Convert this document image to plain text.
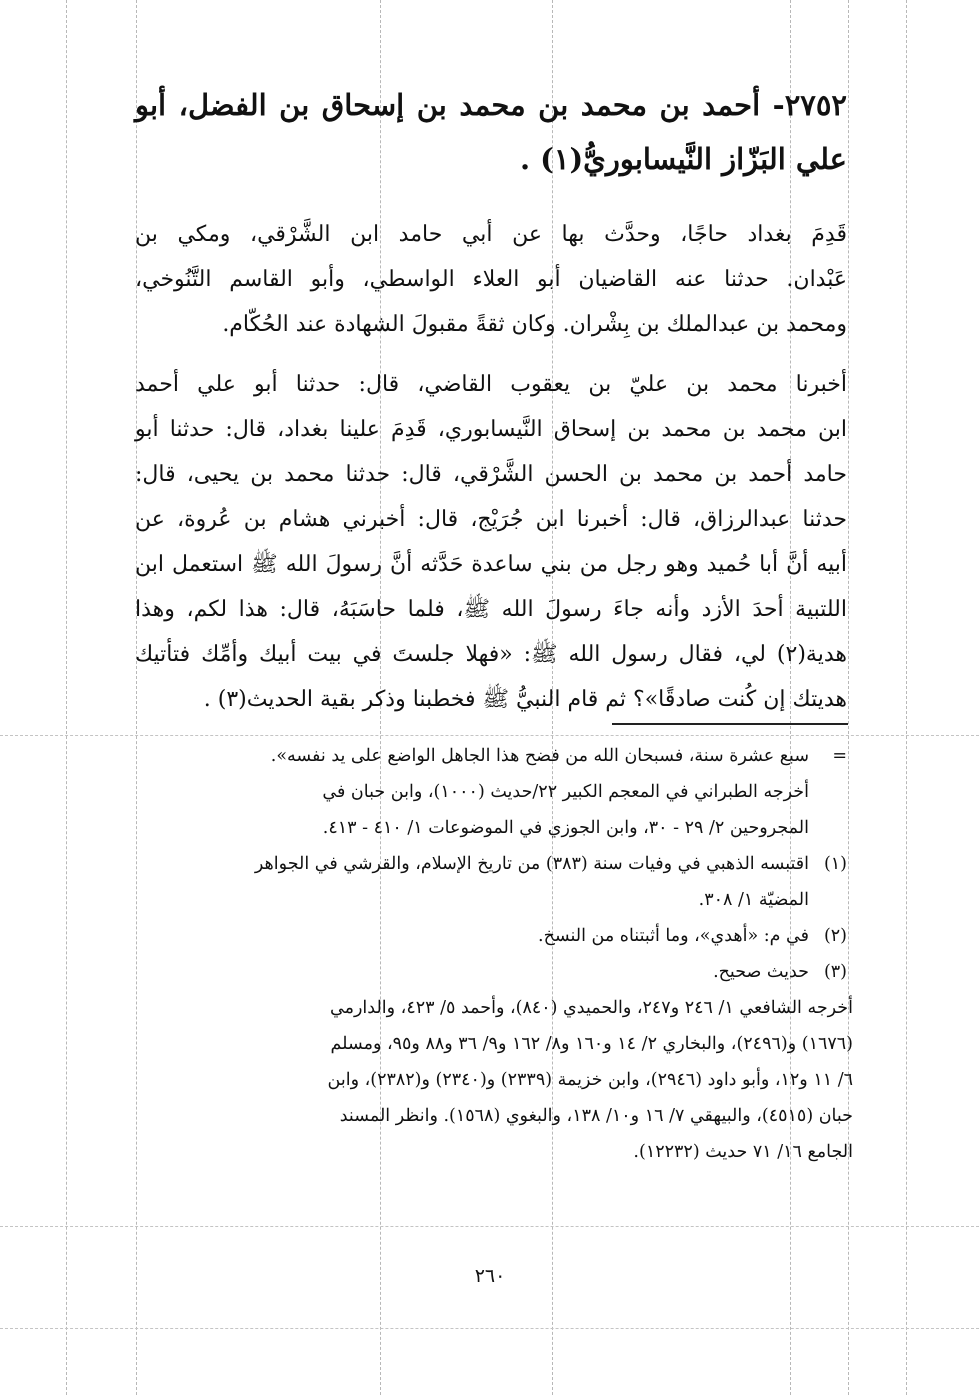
٢٧٥٢- أحمد بن محمد بن محمد بن إسحاق بن الفضل، أبو
علي البَزّاز النَّيسابوريُّ(١) .
قَدِمَ بغداد حاجًا، وحدَّث بها عن أبي حامد ابن الشَّرْقي، ومكي بن
عَبْدان. حدثنا عنه القاضيان أبو العلاء الواسطي، وأبو القاسم التَّنُوخي،
ومحمد بن عبدالملك بن بِشْران. وكان ثقةً مقبولَ الشهادة عند الحُكّام.
أخبرنا محمد بن عليّ بن يعقوب القاضي، قال: حدثنا أبو علي أحمد
ابن محمد بن محمد بن إسحاق النَّيسابوري، قَدِمَ علينا بغداد، قال: حدثنا أبو
حامد أحمد بن محمد بن الحسن الشَّرْقي، قال: حدثنا محمد بن يحيى، قال:
حدثنا عبدالرزاق، قال: أخبرنا ابن جُرَيْج، قال: أخبرني هشام بن عُروة، عن
أبيه أنَّ أبا حُميد وهو رجل من بني ساعدة حَدَّثه أنَّ رسولَ الله ﷺ استعمل ابن
اللتبية أحدَ الأزد وأنه جاءَ رسولَ الله ﷺ، فلما حاسَبَهُ، قال: هذا لكم، وهذا
هدية(٢) لي، فقال رسول الله ﷺ: «فهلا جلستَ في بيت أبيك وأمِّك فتأتيك
هديتك إن كُنت صادقًا»؟ ثم قام النبيُّ ﷺ فخطبنا وذكر بقية الحديث(٣) .
=
سبع عشرة سنة، فسبحان الله من فضح هذا الجاهل الواضع على يد نفسه».
أخرجه الطبراني في المعجم الكبير ٢٢/حديث (١٠٠٠)، وابن حبان في
المجروحين ٢/ ٢٩ - ٣٠، وابن الجوزي في الموضوعات ١/ ٤١٠ - ٤١٣.
(١)
اقتبسه الذهبي في وفيات سنة (٣٨٣) من تاريخ الإسلام، والقرشي في الجواهر
المضيّة ١/ ٣٠٨.
(٢)
في م: «أهدي»، وما أثبتناه من النسخ.
(٣)
حديث صحيح.
أخرجه الشافعي ١/ ٢٤٦ و٢٤٧، والحميدي (٨٤٠)، وأحمد ٥/ ٤٢٣، والدارمي
(١٦٧٦) و(٢٤٩٦)، والبخاري ٢/ ١٤ و١٦٠ و٨/ ١٦٢ و٩/ ٣٦ و٨٨ و٩٥، ومسلم
٦/ ١١ و١٢، وأبو داود (٢٩٤٦)، وابن خزيمة (٢٣٣٩) و(٢٣٤٠) و(٢٣٨٢)، وابن
حبان (٤٥١٥)، والبيهقي ٧/ ١٦ و١٠/ ١٣٨، والبغوي (١٥٦٨). وانظر المسند
الجامع ١٦/ ٧١ حديث (١٢٢٣٢).
٢٦٠
